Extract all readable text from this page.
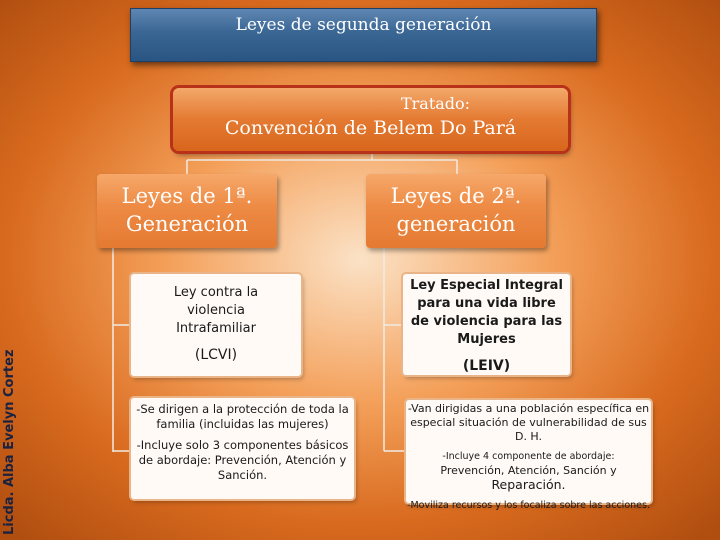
Leyes de segunda generación
Tratado:
Convención de Belem Do Pará
Leyes de 1ª.
Generación
Leyes de 2ª.
generación
Ley contra la
violencia
Intrafamiliar
(LCVI)
Ley Especial Integral
para una vida libre
de violencia para las
Mujeres
(LEIV)

-Se dirigen a la protección de toda la familia (incluidas las mujeres)

-Incluye solo 3 componentes básicos de abordaje: Prevención, Atención y Sanción.

-Van dirigidas a una población específica en especial situación de vulnerabilidad de sus D. H.

-Incluye 4 componente de abordaje:

Prevención, Atención, Sanción y Reparación.

-Moviliza recursos y los focaliza sobre las acciones.

Licda. Alba Evelyn Cortez
